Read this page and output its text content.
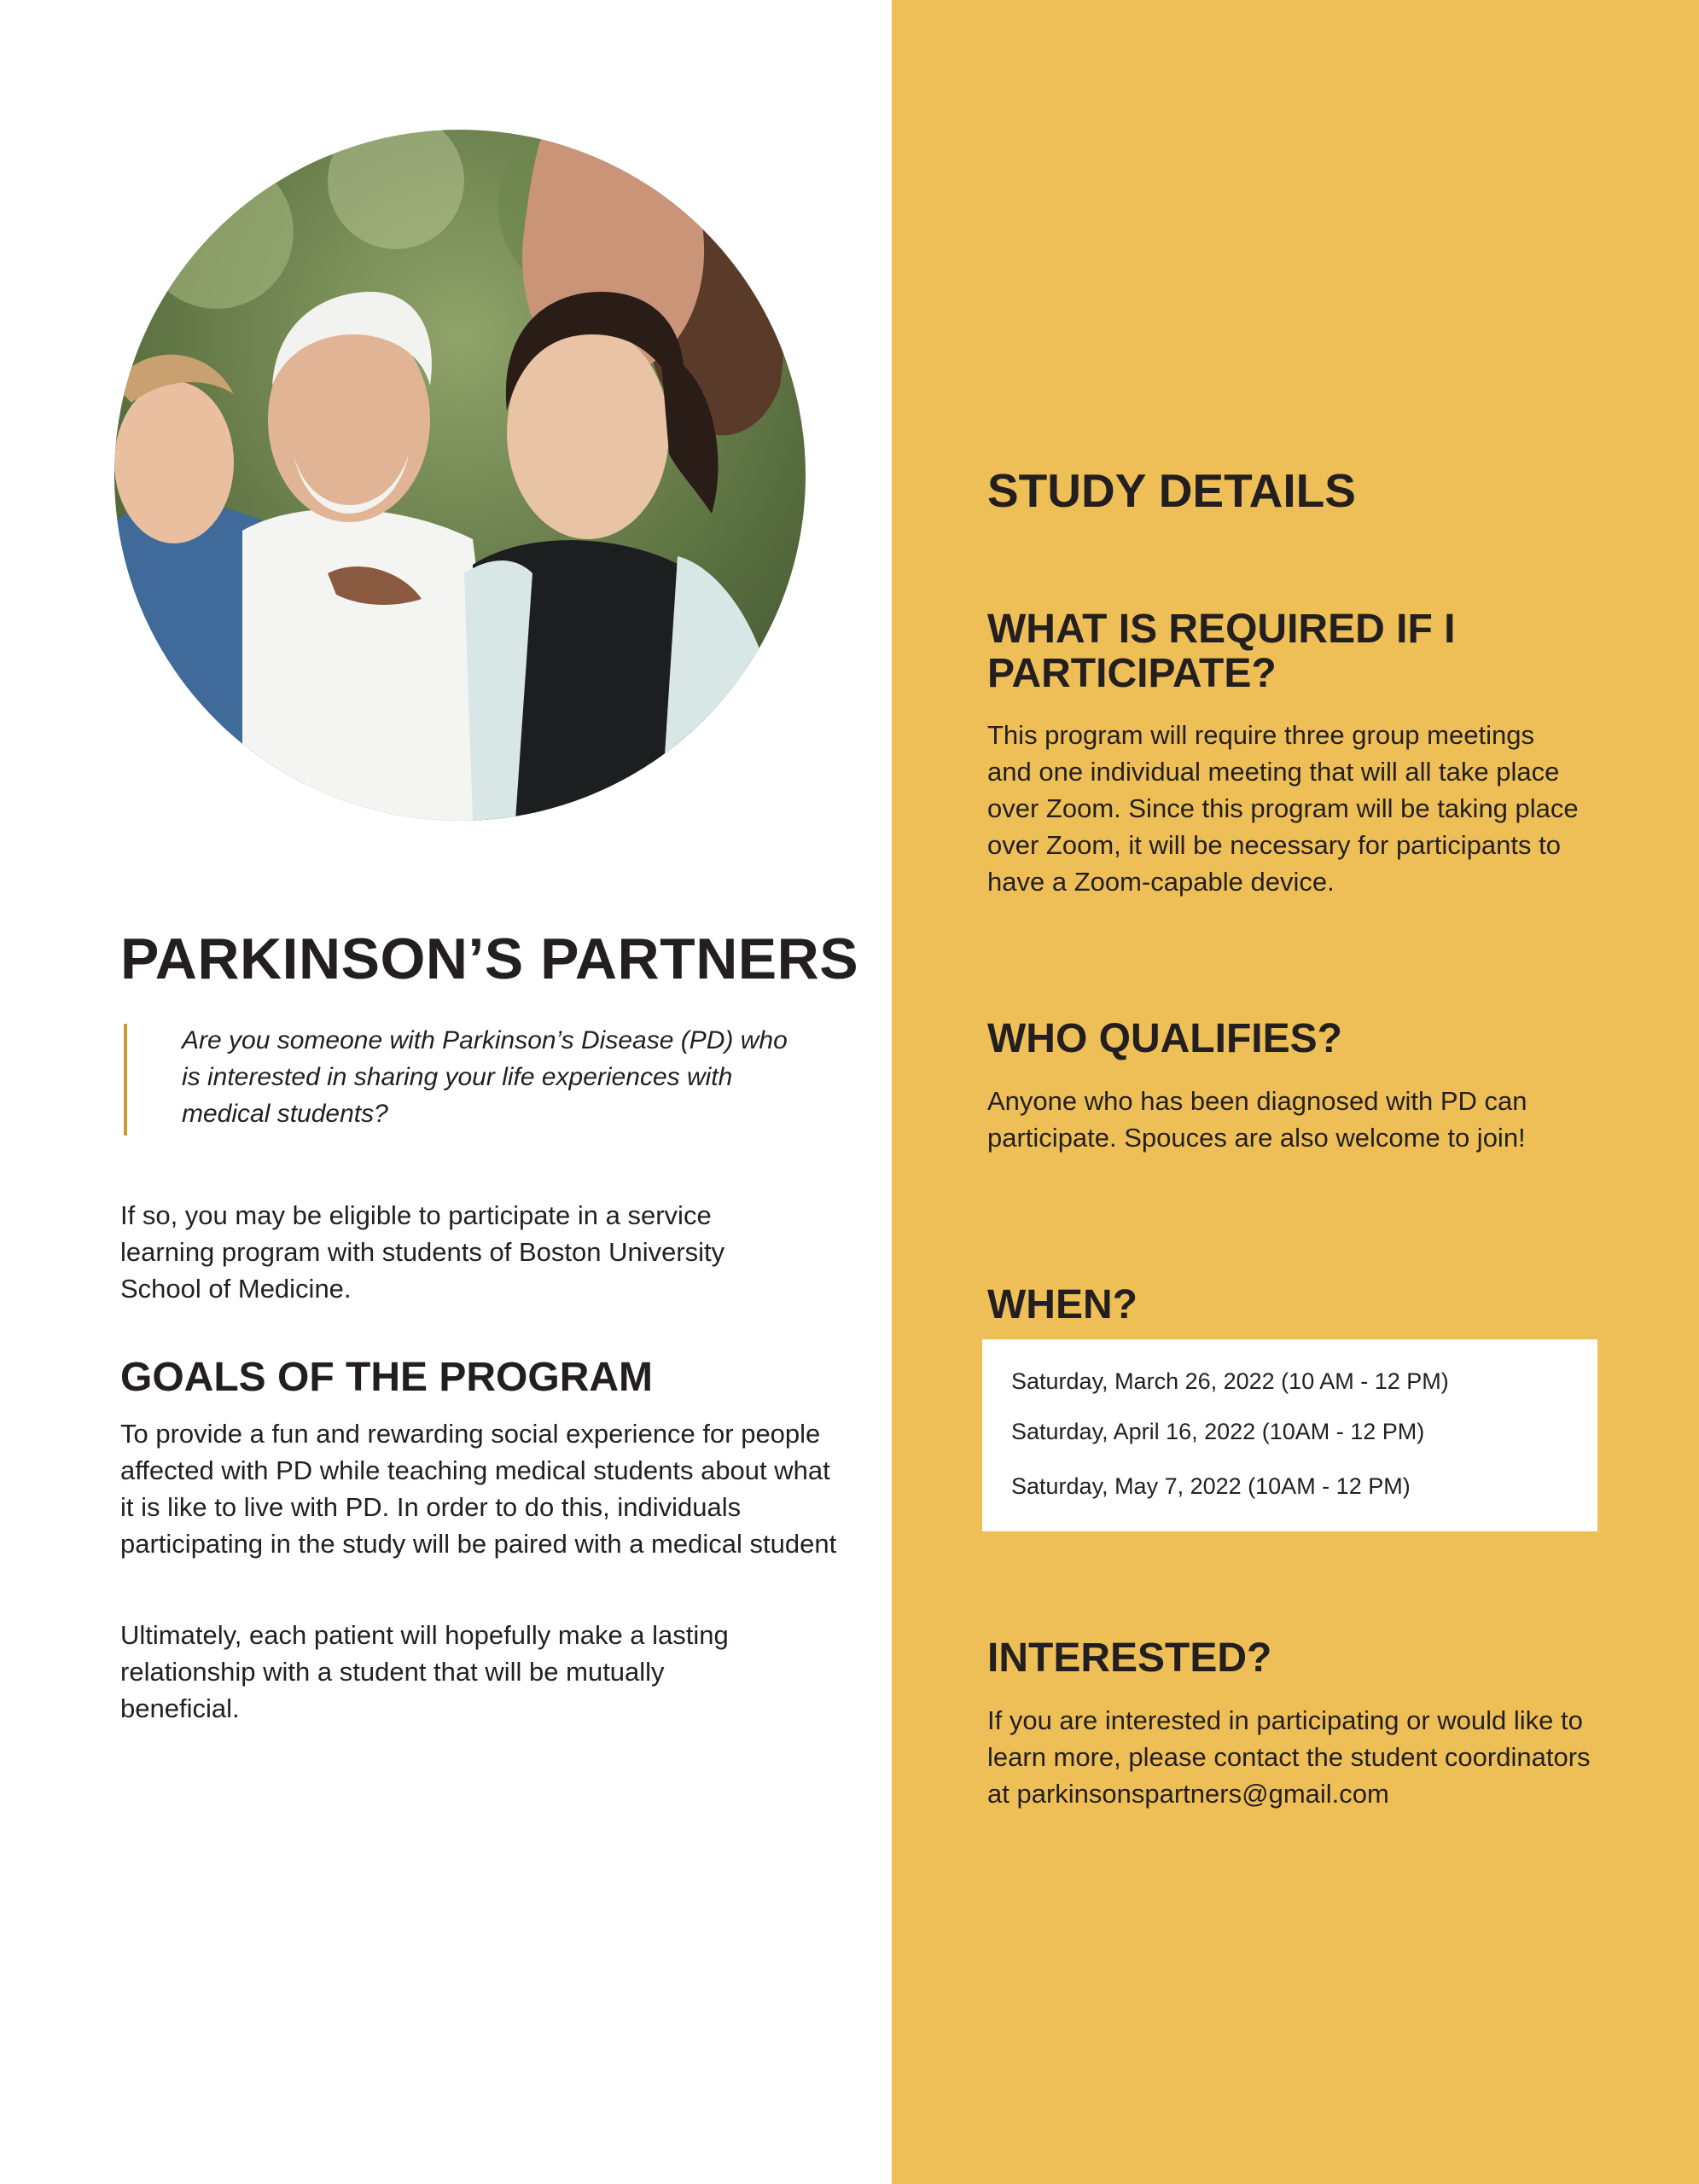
PARKINSON’S PARTNERS

Are you someone with Parkinson’s Disease (PD) who is interested in sharing your life experiences with medical students?

If so, you may be eligible to participate in a service learning program with students of Boston University School of Medicine.

GOALS OF THE PROGRAM

To provide a fun and rewarding social experience for people affected with PD while teaching medical students about what it is like to live with PD. In order to do this, individuals participating in the study will be paired with a medical student

Ultimately, each patient will hopefully make a lasting relationship with a student that will be mutually beneficial.

STUDY DETAILS
WHAT IS REQUIRED IF I PARTICIPATE?

This program will require three group meetings and one individual meeting that will all take place over Zoom. Since this program will be taking place over Zoom, it will be necessary for participants to have a Zoom-capable device.

WHO QUALIFIES?

Anyone who has been diagnosed with PD can participate. Spouces are also welcome to join!

WHEN?

Saturday, March 26, 2022 (10 AM - 12 PM)

Saturday, April 16, 2022 (10AM - 12 PM)

Saturday, May 7, 2022 (10AM - 12 PM)

INTERESTED?

If you are interested in participating or would like to learn more, please contact the student coordinators at parkinsonspartners@gmail.com
